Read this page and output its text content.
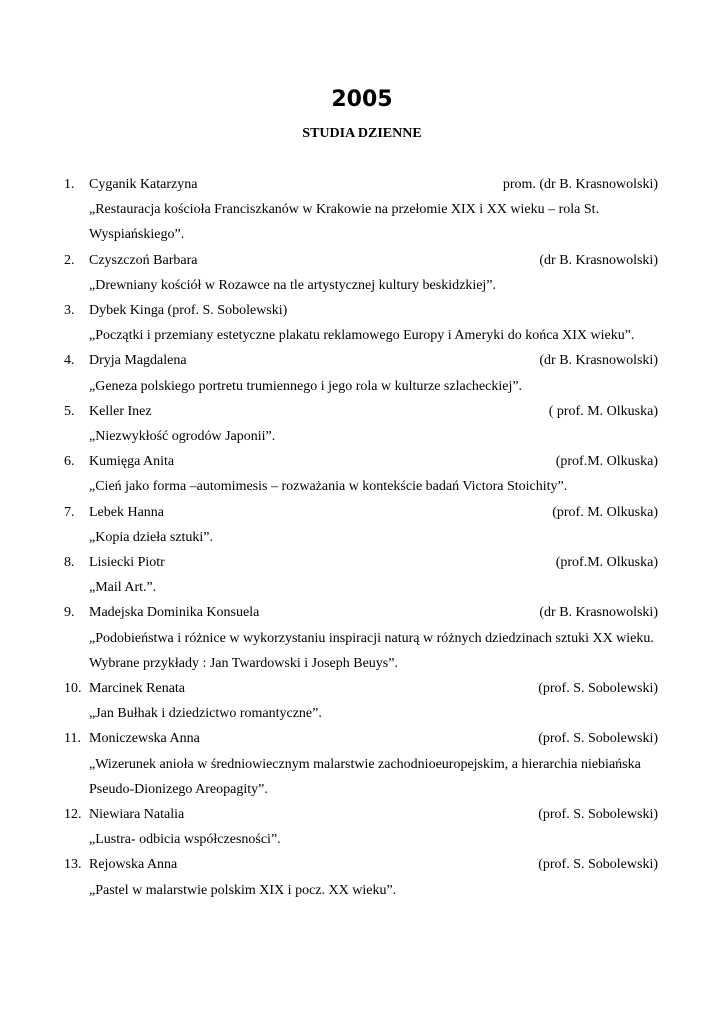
2005
STUDIA DZIENNE
1.	Cyganik Katarzyna	prom. (dr B. Krasnowolski)
„Restauracja kościoła Franciszkanów w Krakowie na przełomie XIX i XX wieku – rola St. Wyspiańskiego”.
2.	Czyszczoń Barbara	(dr B. Krasnowolski)
„Drewniany kościół w Rozawce na tle artystycznej kultury beskidzkiej”.
3.	Dybek Kinga (prof. S. Sobolewski)
„Początki i przemiany estetyczne plakatu reklamowego Europy i Ameryki do końca XIX wieku”.
4.	Dryja Magdalena	(dr B. Krasnowolski)
„Geneza polskiego portretu trumiennego i jego rola w kulturze szlacheckiej”.
5.	Keller Inez	( prof. M. Olkuska)
„Niezwykłość ogrodów Japonii”.
6.	Kumięga Anita	(prof.M. Olkuska)
„Cień jako forma –automimesis – rozważania w kontekście badań Victora Stoichity”.
7.	Lebek Hanna	(prof. M. Olkuska)
„Kopia dzieła sztuki”.
8.	Lisiecki Piotr	(prof.M. Olkuska)
„Mail Art.”.
9.	Madejska Dominika Konsuela	(dr B. Krasnowolski)
„Podobieństwa i różnice w wykorzystaniu inspiracji naturą w różnych dziedzinach sztuki XX wieku. Wybrane przykłady : Jan Twardowski i Joseph Beuys”.
10. Marcinek Renata	(prof. S. Sobolewski)
„Jan Bułhak i dziedzictwo romantyczne”.
11. Moniczewska Anna	(prof. S. Sobolewski)
„Wizerunek anioła w średniowiecznym malarstwie zachodnioeuropejskim, a hierarchia niebiańska Pseudo-Dionizego Areopagity”.
12. Niewiara Natalia	(prof. S. Sobolewski)
„Lustra- odbicia współczesności”.
13. Rejowska Anna	(prof. S. Sobolewski)
„Pastel w malarstwie polskim XIX i pocz. XX wieku”.
